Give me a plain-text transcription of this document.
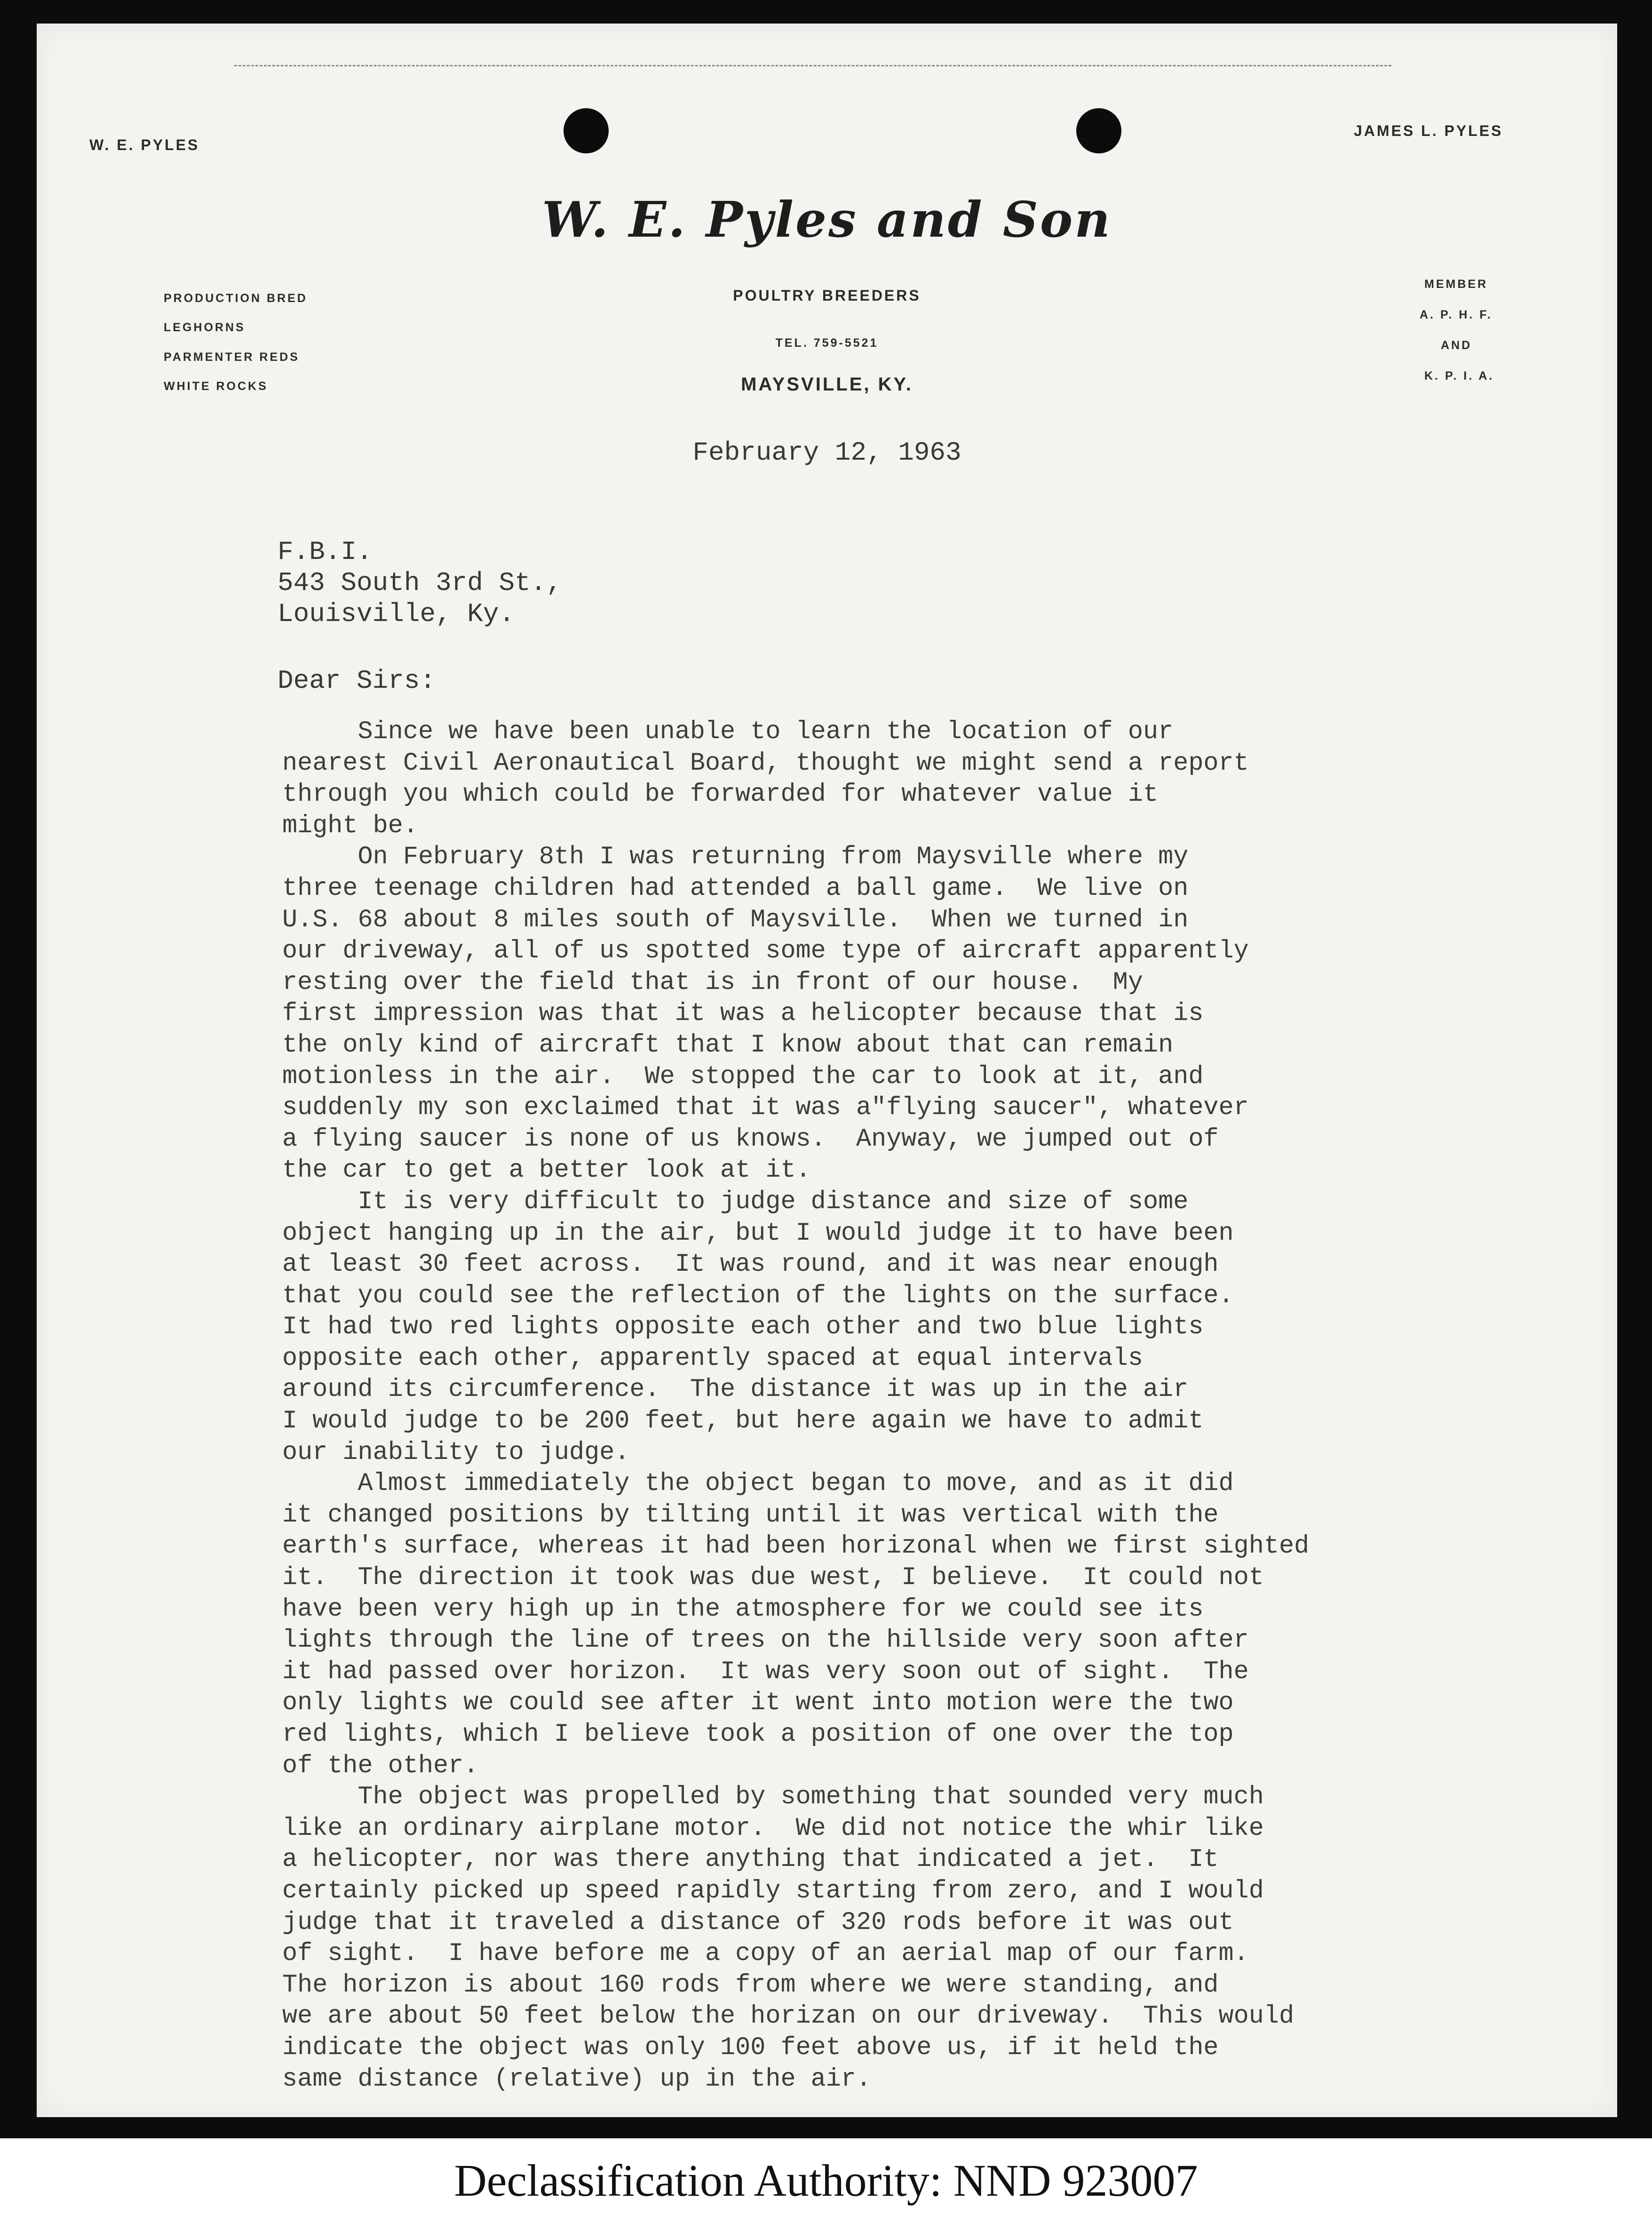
W. E. PYLES
JAMES L. PYLES
W. E. Pyles and Son
POULTRY BREEDERS
TEL. 759-5521
MAYSVILLE, KY.
PRODUCTION BRED
LEGHORNS
PARMENTER REDS
WHITE ROCKS
MEMBER
A. P. H. F.
AND
K. P. I. A.
February 12, 1963
F.B.I.
543 South 3rd St.,
Louisville, Ky.
Dear Sirs:
Since we have been unable to learn the location of our
nearest Civil Aeronautical Board, thought we might send a report
through you which could be forwarded for whatever value it
might be.
On February 8th I was returning from Maysville where my
three teenage children had attended a ball game.  We live on
U.S. 68 about 8 miles south of Maysville.  When we turned in
our driveway, all of us spotted some type of aircraft apparently
resting over the field that is in front of our house.  My
first impression was that it was a helicopter because that is
the only kind of aircraft that I know about that can remain
motionless in the air.  We stopped the car to look at it, and
suddenly my son exclaimed that it was a"flying saucer", whatever
a flying saucer is none of us knows.  Anyway, we jumped out of
the car to get a better look at it.
It is very difficult to judge distance and size of some
object hanging up in the air, but I would judge it to have been
at least 30 feet across.  It was round, and it was near enough
that you could see the reflection of the lights on the surface.
It had two red lights opposite each other and two blue lights
opposite each other, apparently spaced at equal intervals
around its circumference.  The distance it was up in the air
I would judge to be 200 feet, but here again we have to admit
our inability to judge.
Almost immediately the object began to move, and as it did
it changed positions by tilting until it was vertical with the
earth's surface, whereas it had been horizonal when we first sighted
it.  The direction it took was due west, I believe.  It could not
have been very high up in the atmosphere for we could see its
lights through the line of trees on the hillside very soon after
it had passed over horizon.  It was very soon out of sight.  The
only lights we could see after it went into motion were the two
red lights, which I believe took a position of one over the top
of the other.
The object was propelled by something that sounded very much
like an ordinary airplane motor.  We did not notice the whir like
a helicopter, nor was there anything that indicated a jet.  It
certainly picked up speed rapidly starting from zero, and I would
judge that it traveled a distance of 320 rods before it was out
of sight.  I have before me a copy of an aerial map of our farm.
The horizon is about 160 rods from where we were standing, and
we are about 50 feet below the horizan on our driveway.  This would
indicate the object was only 100 feet above us, if it held the
same distance (relative) up in the air.
Declassification Authority: NND 923007
